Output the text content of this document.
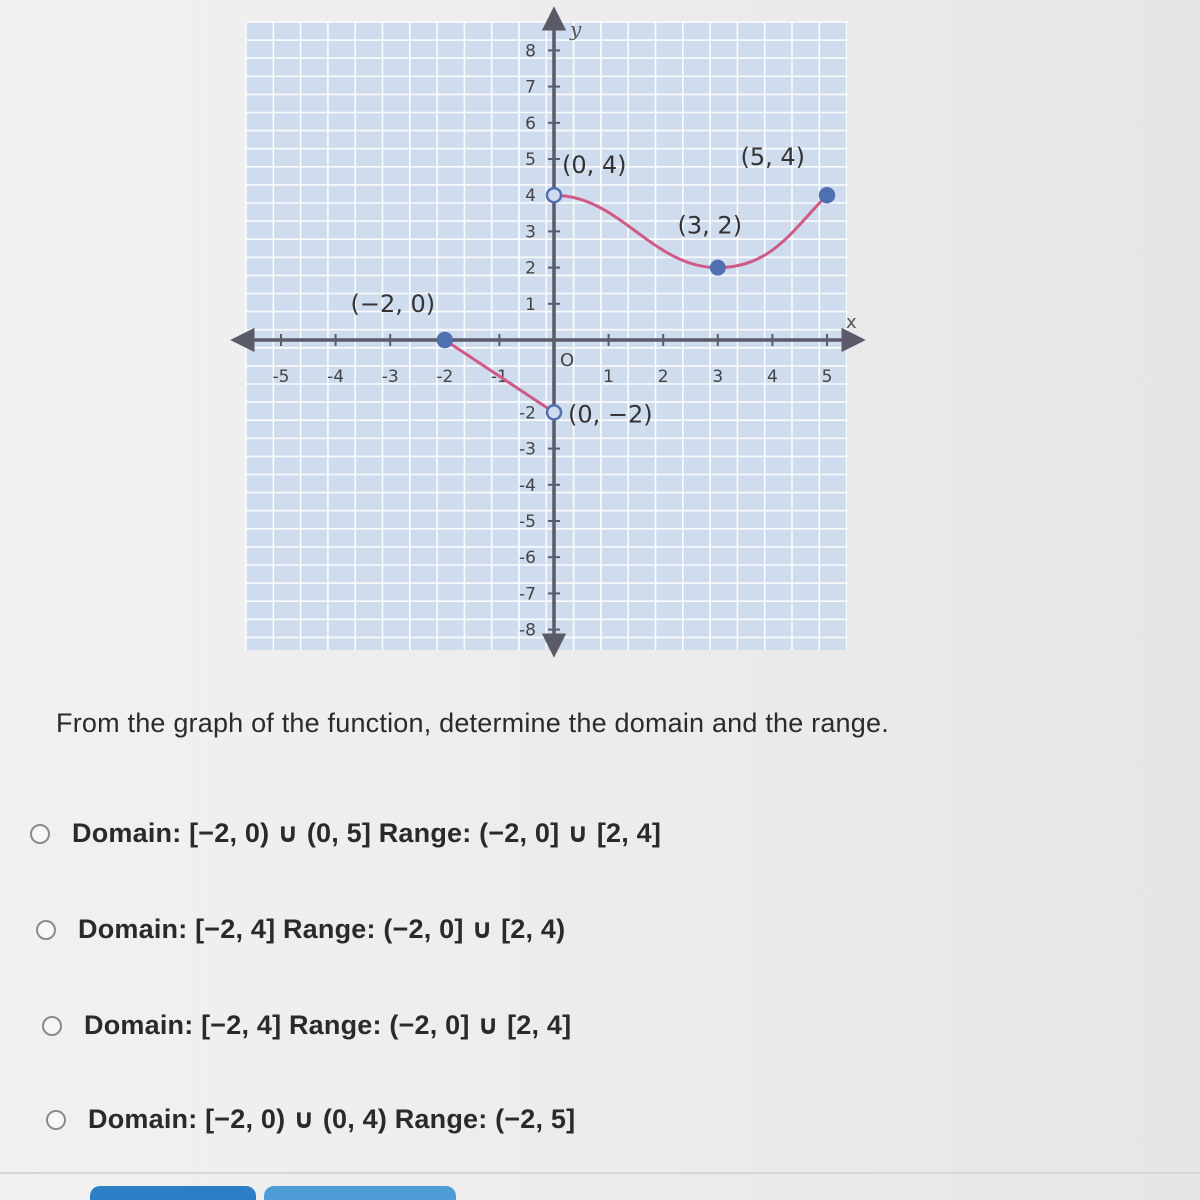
x
y
-5 -4 -3 -2 -1	1	2	3	4	5
8
7
6
5
4
3
2
1
-2
-3
-4
-5
-6
-7
-8
O
(−2, 0)
(0, −2)
(0, 4)
(3, 2)
(5, 4)
From the graph of the function, determine the domain and the range.
Domain: [−2, 0) ∪ (0, 5] Range: (−2, 0] ∪ [2, 4]
Domain: [−2, 4] Range: (−2, 0] ∪ [2, 4)
Domain: [−2, 4] Range: (−2, 0] ∪ [2, 4]
Domain: [−2, 0) ∪ (0, 4) Range: (−2, 5]
